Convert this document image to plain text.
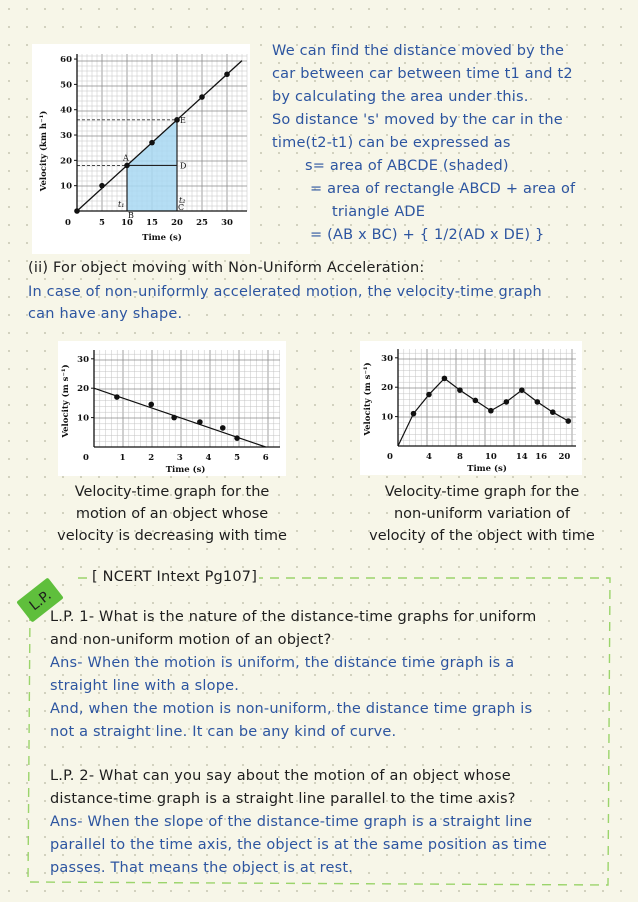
60
50
40
30
20
10
0	5 10 15 20 25 30
Time (s)
Velocity (km h⁻¹)	A
B
C
D
E
t₁	t₂
We can find the distance moved by the
car between car between time t1 and t2
by calculating the area under this.
So distance 's' moved by the car in the
time(t2-t1) can be expressed as
s= area of ABCDE (shaded)
= area of rectangle ABCD + area of
triangle ADE
= (AB x BC) + { 1/2(AD x DE) }
(ii) For object moving with Non-Uniform Acceleration:
In case of non-uniformly accelerated motion, the velocity-time graph
can have any shape.
30
20
10
0	1	2	3	4	5	6
Time (s)
Velocity (m s⁻¹)
Velocity-time graph for the
motion of an object whose
velocity is decreasing with time
30
20
10
0	4	8	10 14 16 20
Time (s)
Velocity (m s⁻¹)
Velocity-time graph for the
non-uniform variation of
velocity of the object with time
L.P.
[ NCERT Intext Pg107]
L.P. 1- What is the nature of the distance-time graphs for uniform
and non-uniform motion of an object?
Ans- When the motion is uniform, the distance time graph is a
straight line with a slope.
And, when the motion is non-uniform, the distance time graph is
not a straight line. It can be any kind of curve.
L.P. 2- What can you say about the motion of an object whose
distance-time graph is a straight line parallel to the time axis?
Ans- When the slope of the distance-time graph is a straight line
parallel to the time axis, the object is at the same position as time
passes. That means the object is at rest.
